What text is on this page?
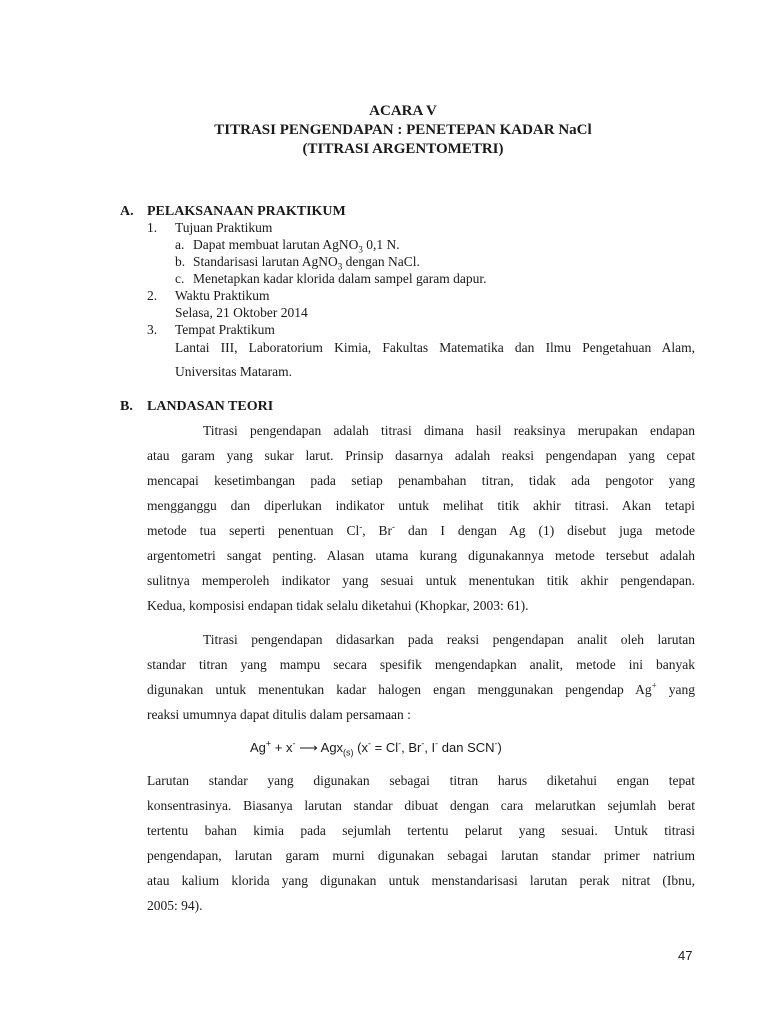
ACARA V
TITRASI PENGENDAPAN : PENETEPAN KADAR NaCl
(TITRASI ARGENTOMETRI)
A. PELAKSANAAN PRAKTIKUM
1. Tujuan Praktikum
a. Dapat membuat larutan AgNO$_3$ 0,1 N.
b. Standarisasi larutan AgNO$_3$ dengan NaCl.
c. Menetapkan kadar klorida dalam sampel garam dapur.
2. Waktu Praktikum
Selasa, 21 Oktober 2014
3. Tempat Praktikum
Lantai III, Laboratorium Kimia, Fakultas Matematika dan Ilmu Pengetahuan Alam,
Universitas Mataram.
B. LANDASAN TEORI
Titrasi pengendapan adalah titrasi dimana hasil reaksinya merupakan endapan
atau garam yang sukar larut. Prinsip dasarnya adalah reaksi pengendapan yang cepat
mencapai kesetimbangan pada setiap penambahan titran, tidak ada pengotor yang
mengganggu dan diperlukan indikator untuk melihat titik akhir titrasi. Akan tetapi
metode tua seperti penentuan Cl-, Br- dan I dengan Ag (1) disebut juga metode
argentometri sangat penting. Alasan utama kurang digunakannya metode tersebut adalah
sulitnya memperoleh indikator yang sesuai untuk menentukan titik akhir pengendapan.
Kedua, komposisi endapan tidak selalu diketahui (Khopkar, 2003: 61).
Titrasi pengendapan didasarkan pada reaksi pengendapan analit oleh larutan
standar titran yang mampu secara spesifik mengendapkan analit, metode ini banyak
digunakan untuk menentukan kadar halogen engan menggunakan pengendap Ag+ yang
reaksi umumnya dapat ditulis dalam persamaan :
Ag+ + x- ⟶ Agx$_{(s)}$ (x- = Cl-, Br-, I- dan SCN-)
Larutan standar yang digunakan sebagai titran harus diketahui engan tepat
konsentrasinya. Biasanya larutan standar dibuat dengan cara melarutkan sejumlah berat
tertentu bahan kimia pada sejumlah tertentu pelarut yang sesuai. Untuk titrasi
pengendapan, larutan garam murni digunakan sebagai larutan standar primer natrium
atau kalium klorida yang digunakan untuk menstandarisasi larutan perak nitrat (Ibnu,
2005: 94).
47
